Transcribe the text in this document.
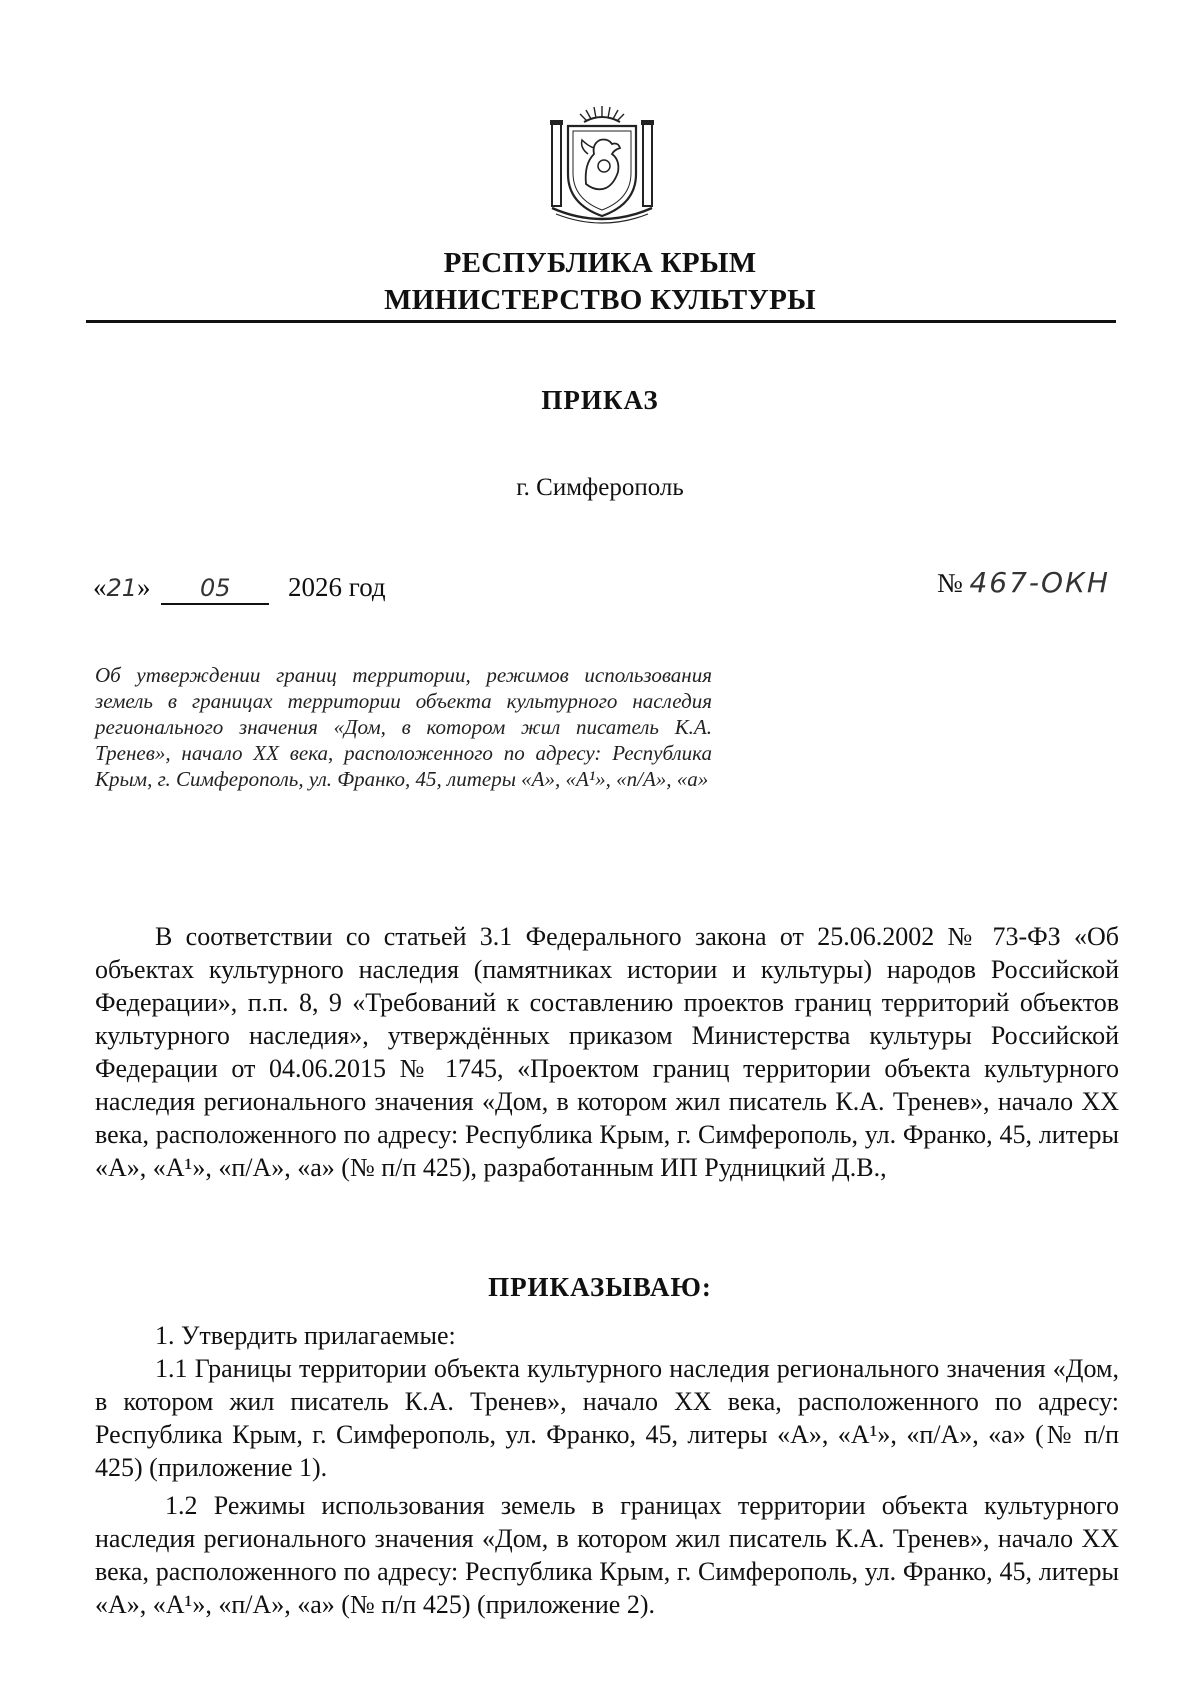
РЕСПУБЛИКА КРЫМ
МИНИСТЕРСТВО КУЛЬТУРЫ
ПРИКАЗ
г. Симферополь
«21» 05 2026 год	№ 467-ОКН
Об утверждении границ территории, режимов использования земель в границах территории объекта культурного наследия регионального значения «Дом, в котором жил писатель К.А. Тренев», начало XX века, расположенного по адресу: Республика Крым, г. Симферополь, ул. Франко, 45, литеры «А», «А¹», «п/А», «а»
В соответствии со статьей 3.1 Федерального закона от 25.06.2002 № 73-ФЗ «Об объектах культурного наследия (памятниках истории и культуры) народов Российской Федерации», п.п. 8, 9 «Требований к составлению проектов границ территорий объектов культурного наследия», утверждённых приказом Министерства культуры Российской Федерации от 04.06.2015 № 1745, «Проектом границ территории объекта культурного наследия регионального значения «Дом, в котором жил писатель К.А. Тренев», начало XX века, расположенного по адресу: Республика Крым, г. Симферополь, ул. Франко, 45, литеры «А», «А¹», «п/А», «а» (№ п/п 425), разработанным ИП Рудницкий Д.В.,
ПРИКАЗЫВАЮ:
1. Утвердить прилагаемые:
1.1 Границы территории объекта культурного наследия регионального значения «Дом, в котором жил писатель К.А. Тренев», начало XX века, расположенного по адресу: Республика Крым, г. Симферополь, ул. Франко, 45, литеры «А», «А¹», «п/А», «а» (№ п/п 425) (приложение 1).
1.2 Режимы использования земель в границах территории объекта культурного наследия регионального значения «Дом, в котором жил писатель К.А. Тренев», начало XX века, расположенного по адресу: Республика Крым, г. Симферополь, ул. Франко, 45, литеры «А», «А¹», «п/А», «а» (№ п/п 425) (приложение 2).
